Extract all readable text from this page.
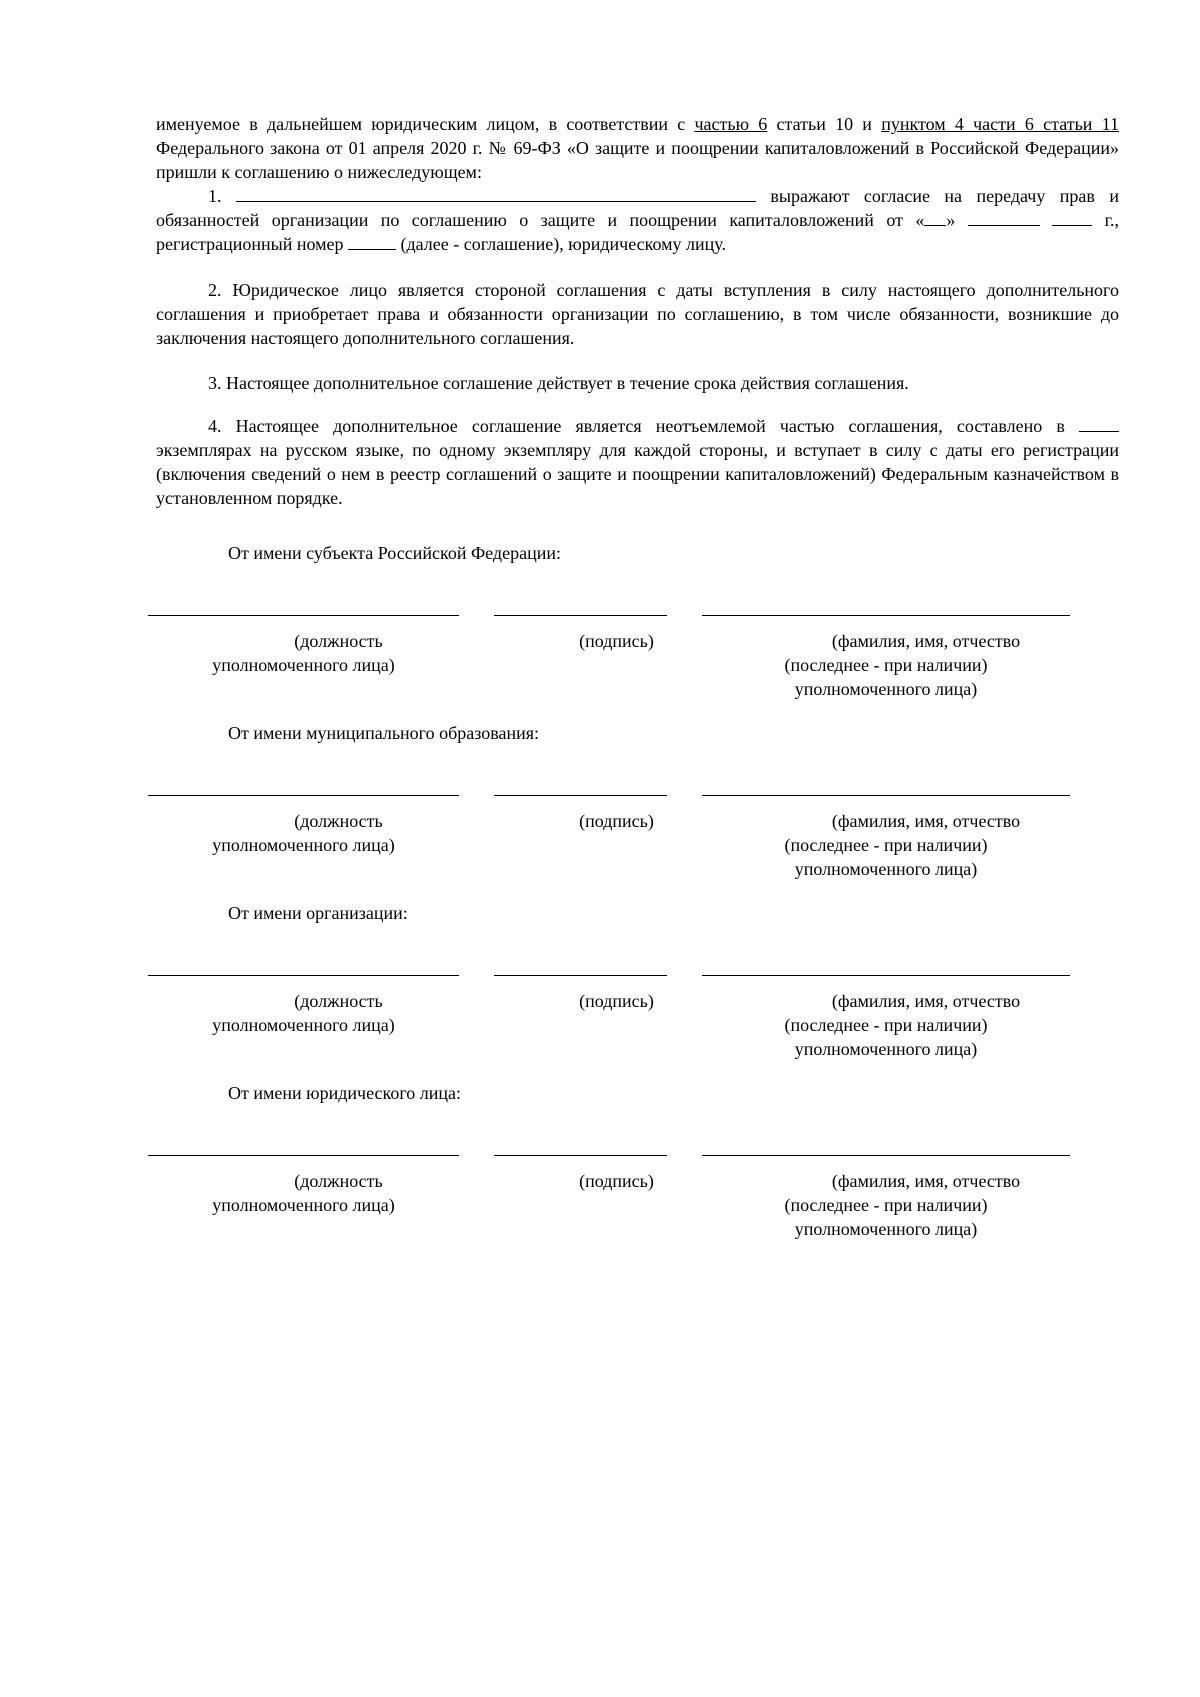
именуемое в дальнейшем юридическим лицом, в соответствии с частью 6 статьи 10 и пунктом 4 части 6 статьи 11 Федерального закона от 01 апреля 2020 г. № 69-ФЗ «О защите и поощрении капиталовложений в Российской Федерации» пришли к соглашению о нижеследующем:

1.	выражают согласие на передачу прав и обязанностей организации по соглашению о защите и поощрении капиталовложений от « »	г., регистрационный номер	(далее - соглашение), юридическому лицу.

2. Юридическое лицо является стороной соглашения с даты вступления в силу настоящего дополнительного соглашения и приобретает права и обязанности организации по соглашению, в том числе обязанности, возникшие до заключения настоящего дополнительного соглашения.

3. Настоящее дополнительное соглашение действует в течение срока действия соглашения.

4. Настоящее дополнительное соглашение является неотъемлемой частью соглашения, составлено в  экземплярах на русском языке, по одному экземпляру для каждой стороны, и вступает в силу с даты его регистрации (включения сведений о нем в реестр соглашений о защите и поощрении капиталовложений) Федеральным казначейством в установленном порядке.

От имени субъекта Российской Федерации:
(должность
уполномоченного лица)
(подпись)	(фамилия, имя, отчество
(последнее - при наличии)
уполномоченного лица)
От имени муниципального образования:
(должность
уполномоченного лица)
(подпись)	(фамилия, имя, отчество
(последнее - при наличии)
уполномоченного лица)
От имени организации:
(должность
уполномоченного лица)
(подпись)	(фамилия, имя, отчество
(последнее - при наличии)
уполномоченного лица)
От имени юридического лица:
(должность
уполномоченного лица)
(подпись)	(фамилия, имя, отчество
(последнее - при наличии)
уполномоченного лица)
